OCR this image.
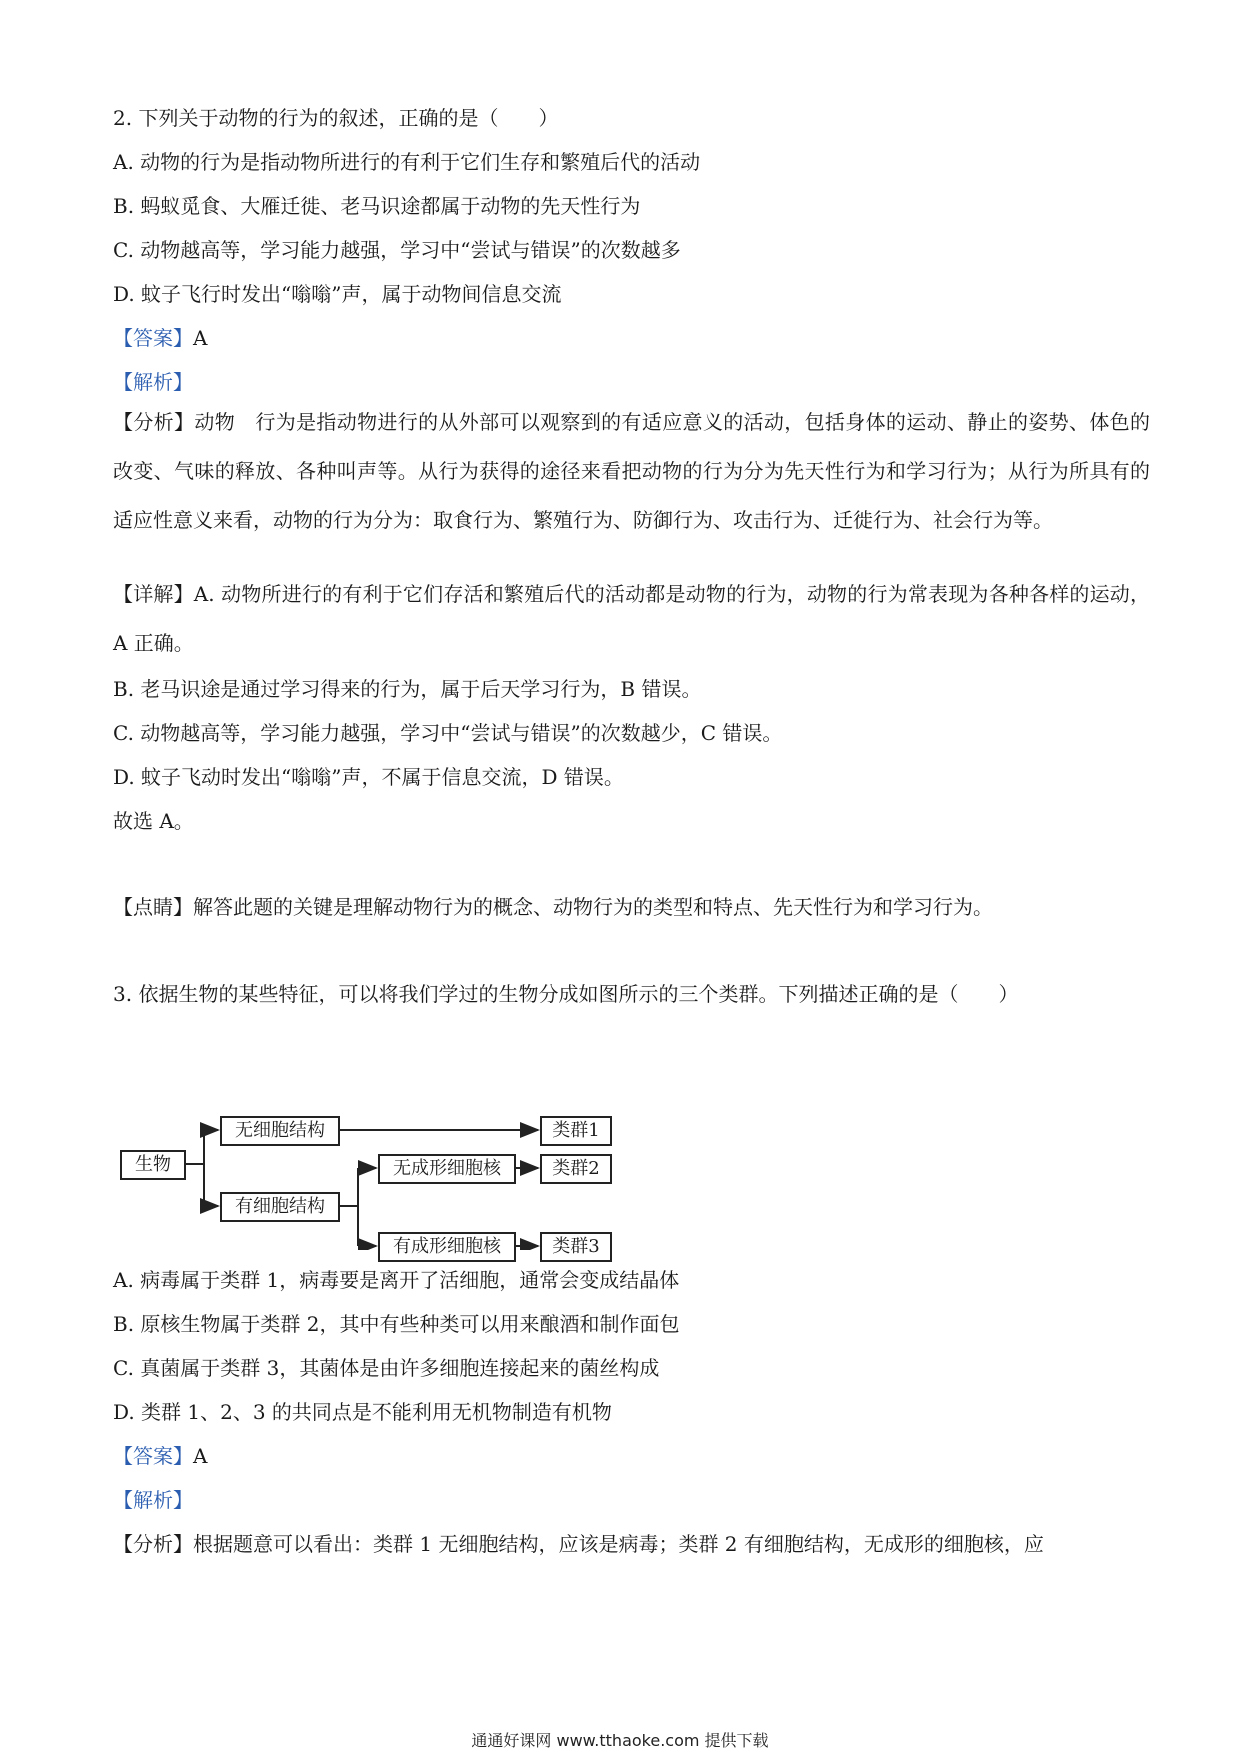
2. 下列关于动物的行为的叙述，正确的是（　　）
A. 动物的行为是指动物所进行的有利于它们生存和繁殖后代的活动
B. 蚂蚁觅食、大雁迁徙、老马识途都属于动物的先天性行为
C. 动物越高等，学习能力越强，学习中“尝试与错误”的次数越多
D. 蚊子飞行时发出“嗡嗡”声，属于动物间信息交流
【答案】A
【解析】
【分析】动物　行为是指动物进行的从外部可以观察到的有适应意义的活动，包括身体的运动、静止的姿势、体色的改变、气味的释放、各种叫声等。从行为获得的途径来看把动物的行为分为先天性行为和学习行为；从行为所具有的适应性意义来看，动物的行为分为：取食行为、繁殖行为、防御行为、攻击行为、迁徙行为、社会行为等。
【详解】A. 动物所进行的有利于它们存活和繁殖后代的活动都是动物的行为，动物的行为常表现为各种各样的运动，A 正确。
B. 老马识途是通过学习得来的行为，属于后天学习行为，B 错误。
C. 动物越高等，学习能力越强，学习中“尝试与错误”的次数越少，C 错误。
D. 蚊子飞动时发出“嗡嗡”声，不属于信息交流，D 错误。
故选 A。
【点睛】解答此题的关键是理解动物行为的概念、动物行为的类型和特点、先天性行为和学习行为。
3. 依据生物的某些特征，可以将我们学过的生物分成如图所示的三个类群。下列描述正确的是（　　）
生物
无细胞结构
有细胞结构
无成形细胞核
有成形细胞核
类群1
类群2
类群3
A. 病毒属于类群 1，病毒要是离开了活细胞，通常会变成结晶体
B. 原核生物属于类群 2，其中有些种类可以用来酿酒和制作面包
C. 真菌属于类群 3，其菌体是由许多细胞连接起来的菌丝构成
D. 类群 1、2、3 的共同点是不能利用无机物制造有机物
【答案】A
【解析】
【分析】根据题意可以看出：类群 1 无细胞结构，应该是病毒；类群 2 有细胞结构，无成形的细胞核，应
通通好课网 www.tthaoke.com 提供下载
